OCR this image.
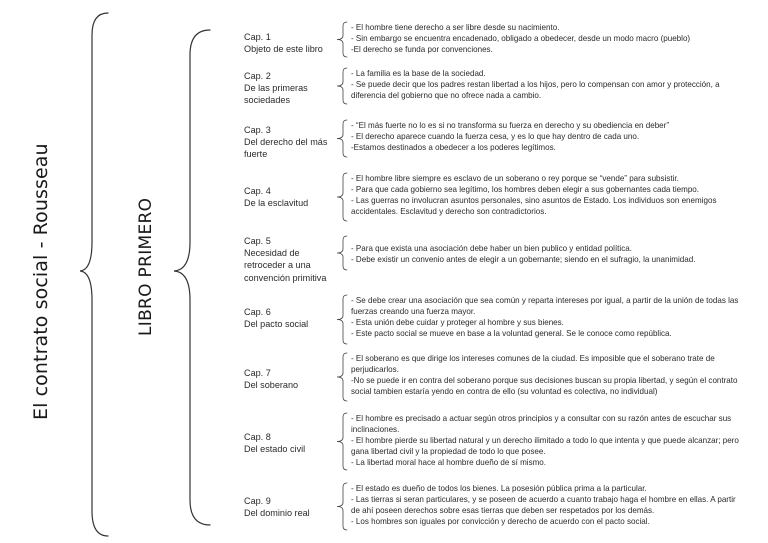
El contrato social - Rousseau	LIBRO PRIMERO
Cap. 1
Objeto de este libro
- El hombre tiene derecho a ser libre desde su nacimiento.
- Sin embargo se encuentra encadenado, obligado a obedecer, desde un modo macro (pueblo)
-El derecho se funda por convenciones.
Cap. 2
De las primeras sociedades
- La familia es la base de la sociedad.
- Se puede decir que los padres restan libertad a los hijos, pero lo compensan con amor y protección, a diferencia del gobierno que no ofrece nada a cambio.
Cap. 3
Del derecho del más fuerte
- “El más fuerte no lo es si no transforma su fuerza en derecho y su obediencia en deber”
- El derecho aparece cuando la fuerza cesa, y es lo que hay dentro de cada uno.
-Estamos destinados a obedecer a los poderes legítimos.
Cap. 4
De la esclavitud
- El hombre libre siempre es esclavo de un soberano o rey porque se “vende” para subsistir.
- Para que cada gobierno sea legítimo, los hombres deben elegir a sus gobernantes cada tiempo.
- Las guerras no involucran asuntos personales, sino asuntos de Estado. Los individuos son enemigos accidentales. Esclavitud y derecho son contradictorios.
Cap. 5
Necesidad de retroceder a una convención primitiva
- Para que exista una asociación debe haber un bien publico y entidad política.
- Debe existir un convenio antes de elegir a un gobernante; siendo en el sufragio, la unanimidad.
Cap. 6
Del pacto social
- Se debe crear una asociación que sea común y reparta intereses por igual, a partir de la unión de todas las fuerzas creando una fuerza mayor.
- Esta unión debe cuidar y proteger al hombre y sus bienes.
- Este pacto social se mueve en base a la voluntad general. Se le conoce como república.
Cap. 7
Del soberano
- El soberano es que dirige los intereses comunes de la ciudad. Es imposible que el soberano trate de perjudicarlos.
-No se puede ir en contra del soberano porque sus decisiones buscan su propia libertad, y según el contrato social tambien estaría yendo en contra de ello (su voluntad es colectiva, no individual)
Cap. 8
Del estado civil
- El hombre es precisado a actuar según otros principios y a consultar con su razón antes de escuchar sus inclinaciones.
- El hombre pierde su libertad natural y un derecho ilimitado a todo lo que intenta y que puede alcanzar; pero gana libertad civil y la propiedad de todo lo que posee.
- La libertad moral hace al hombre dueño de sí mismo.
Cap. 9
Del dominio real
- El estado es dueño de todos los bienes. La posesión pública prima a la particular.
- Las tierras si seran particulares, y se poseen de acuerdo a cuanto trabajo haga el hombre en ellas. A partir de ahí poseen derechos sobre esas tierras que deben ser respetados por los demás.
- Los hombres son iguales por convicción y derecho de acuerdo con el pacto social.
